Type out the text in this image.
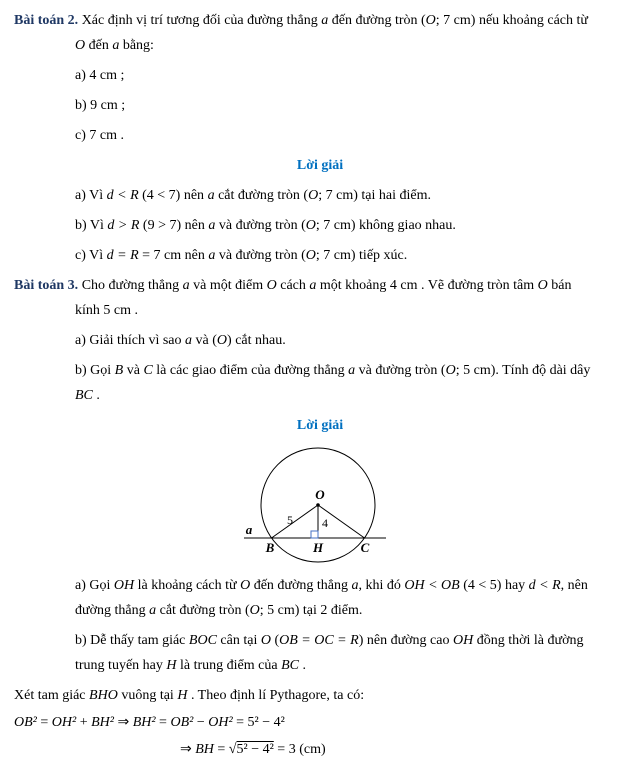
Bài toán 2. Xác định vị trí tương đối của đường thẳng a đến đường tròn (O; 7 cm) nếu khoảng cách từ
O đến a bằng:

a) 4 cm ;

b) 9 cm ;

c) 7 cm .

Lời giải

a) Vì d < R (4 < 7) nên a cắt đường tròn (O; 7 cm) tại hai điểm.

b) Vì d > R (9 > 7) nên a và đường tròn (O; 7 cm) không giao nhau.

c) Vì d = R = 7 cm nên a và đường tròn (O; 7 cm) tiếp xúc.

Bài toán 3. Cho đường thẳng a và một điểm O cách a một khoảng 4 cm . Vẽ đường tròn tâm O bán
kính 5 cm .

a) Giải thích vì sao a và (O) cắt nhau.

b) Gọi B và C là các giao điểm của đường thẳng a và đường tròn (O; 5 cm). Tính độ dài dây
BC .

Lời giải

O
a
B	H	C
5 4

a) Gọi OH là khoảng cách từ O đến đường thẳng a, khi đó OH < OB (4 < 5) hay d < R, nên
đường thẳng a cắt đường tròn (O; 5 cm) tại 2 điểm.

b) Dễ thấy tam giác BOC cân tại O (OB = OC = R) nên đường cao OH đồng thời là đường
trung tuyến hay H là trung điểm của BC .

Xét tam giác BHO vuông tại H . Theo định lí Pythagore, ta có:

OB² = OH² + BH² ⇒ BH² = OB² − OH² = 5² − 4²

⇒ BH = √5² − 4² = 3 (cm)
